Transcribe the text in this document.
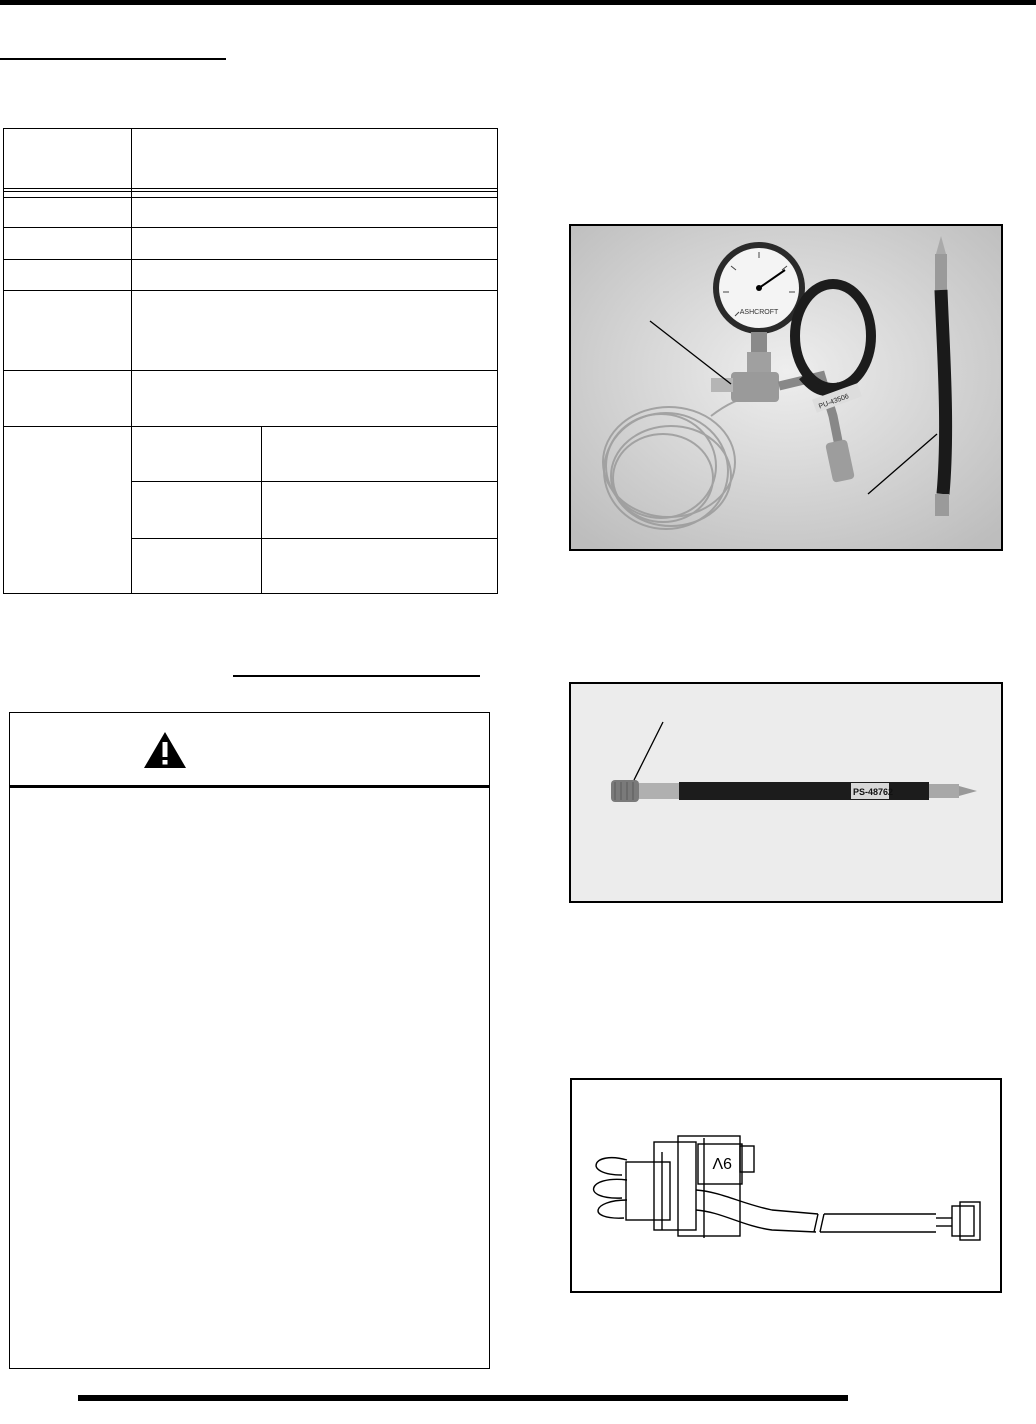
ASHCROFT
PU-43506
PS-48762
9V
